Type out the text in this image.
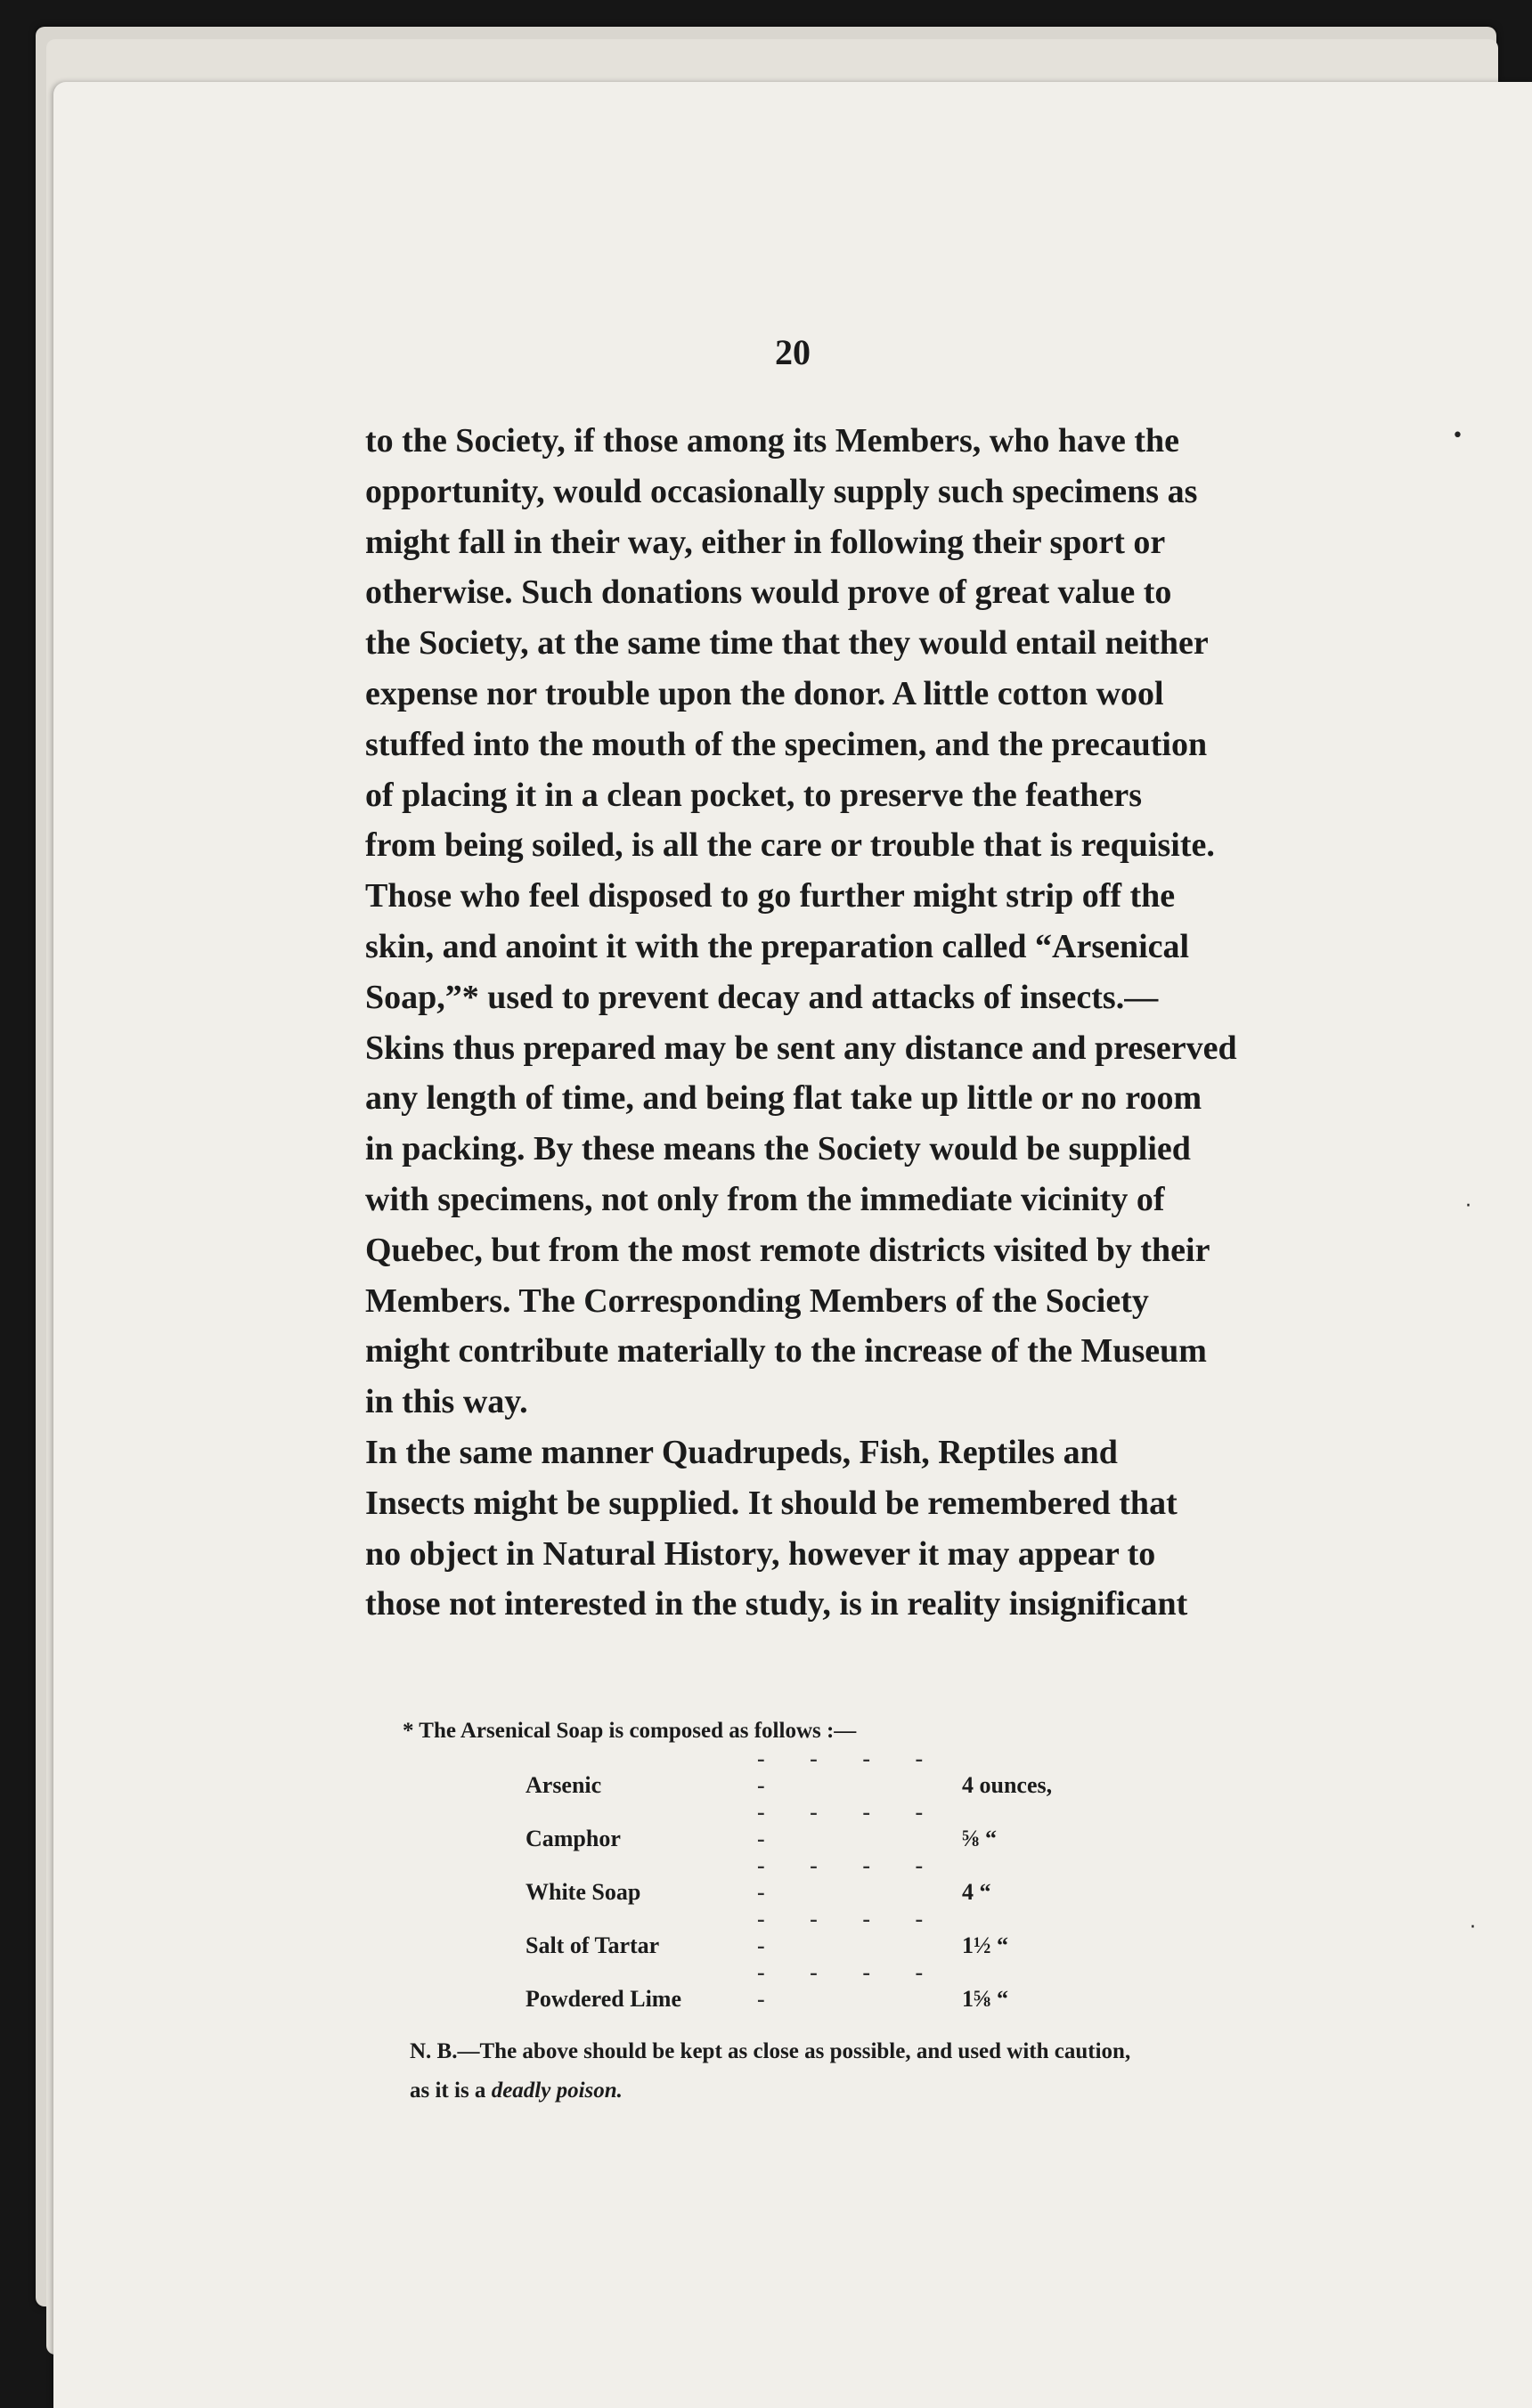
20

to the Society, if those among its Members, who have the

opportunity, would occasionally supply such specimens as

might fall in their way, either in following their sport or

otherwise. Such donations would prove of great value to

the Society, at the same time that they would entail neither

expense nor trouble upon the donor. A little cotton wool

stuffed into the mouth of the specimen, and the precaution

of placing it in a clean pocket, to preserve the feathers

from being soiled, is all the care or trouble that is requisite.

Those who feel disposed to go further might strip off the

skin, and anoint it with the preparation called “Arsenical

Soap,”* used to prevent decay and attacks of insects.—

Skins thus prepared may be sent any distance and preserved

any length of time, and being flat take up little or no room

in packing. By these means the Society would be supplied

with specimens, not only from the immediate vicinity of

Quebec, but from the most remote districts visited by their

Members. The Corresponding Members of the Society

might contribute materially to the increase of the Museum

in this way.

In the same manner Quadrupeds, Fish, Reptiles and

Insects might be supplied. It should be remembered that

no object in Natural History, however it may appear to

those not interested in the study, is in reality insignificant

* The Arsenical Soap is composed as follows :—

Arsenic	- - - - -	4 ounces,
Camphor	- - - - -	⅝ “
White Soap	- - - - -	4 “
Salt of Tartar	- - - - -	1½ “
Powdered Lime	- - - - -	1⅝ “

N. B.—The above should be kept as close as possible, and used with caution,
as it is a deadly poison.

•
·
·
